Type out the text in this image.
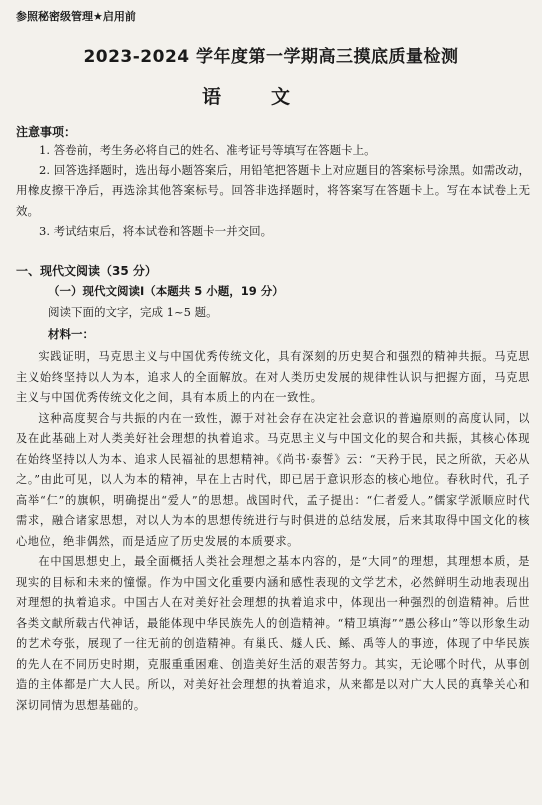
参照秘密级管理★启用前
2023-2024 学年度第一学期高三摸底质量检测
语文
注意事项：

1. 答卷前，考生务必将自己的姓名、准考证号等填写在答题卡上。

2. 回答选择题时，选出每小题答案后，用铅笔把答题卡上对应题目的答案标号涂黑。如需改动，用橡皮擦干净后，再选涂其他答案标号。回答非选择题时，将答案写在答题卡上。写在本试卷上无效。

3. 考试结束后，将本试卷和答题卡一并交回。

一、现代文阅读（35 分）
（一）现代文阅读Ⅰ（本题共 5 小题，19 分）
阅读下面的文字，完成 1~5 题。
材料一：

实践证明，马克思主义与中国优秀传统文化，具有深刻的历史契合和强烈的精神共振。马克思主义始终坚持以人为本，追求人的全面解放。在对人类历史发展的规律性认识与把握方面，马克思主义与中国优秀传统文化之间，具有本质上的内在一致性。

这种高度契合与共振的内在一致性，源于对社会存在决定社会意识的普遍原则的高度认同，以及在此基础上对人类美好社会理想的执着追求。马克思主义与中国文化的契合和共振，其核心体现在始终坚持以人为本、追求人民福祉的思想精神。《尚书·泰誓》云：“天矜于民，民之所欲，天必从之。”由此可见，以人为本的精神，早在上古时代，即已居于意识形态的核心地位。春秋时代，孔子高举“仁”的旗帜，明确提出“爱人”的思想。战国时代，孟子提出：“仁者爱人。”儒家学派顺应时代需求，融合诸家思想，对以人为本的思想传统进行与时俱进的总结发展，后来其取得中国文化的核心地位，绝非偶然，而是适应了历史发展的本质要求。

在中国思想史上，最全面概括人类社会理想之基本内容的，是“大同”的理想，其理想本质，是现实的目标和未来的憧憬。作为中国文化重要内涵和感性表现的文学艺术，必然鲜明生动地表现出对理想的执着追求。中国古人在对美好社会理想的执着追求中，体现出一种强烈的创造精神。后世各类文献所载古代神话，最能体现中华民族先人的创造精神。“精卫填海”“愚公移山”等以形象生动的艺术夸张，展现了一往无前的创造精神。有巢氏、燧人氏、鲧、禹等人的事迹，体现了中华民族的先人在不同历史时期，克服重重困难、创造美好生活的艰苦努力。其实，无论哪个时代，从事创造的主体都是广大人民。所以，对美好社会理想的执着追求，从来都是以对广大人民的真挚关心和深切同情为思想基础的。
